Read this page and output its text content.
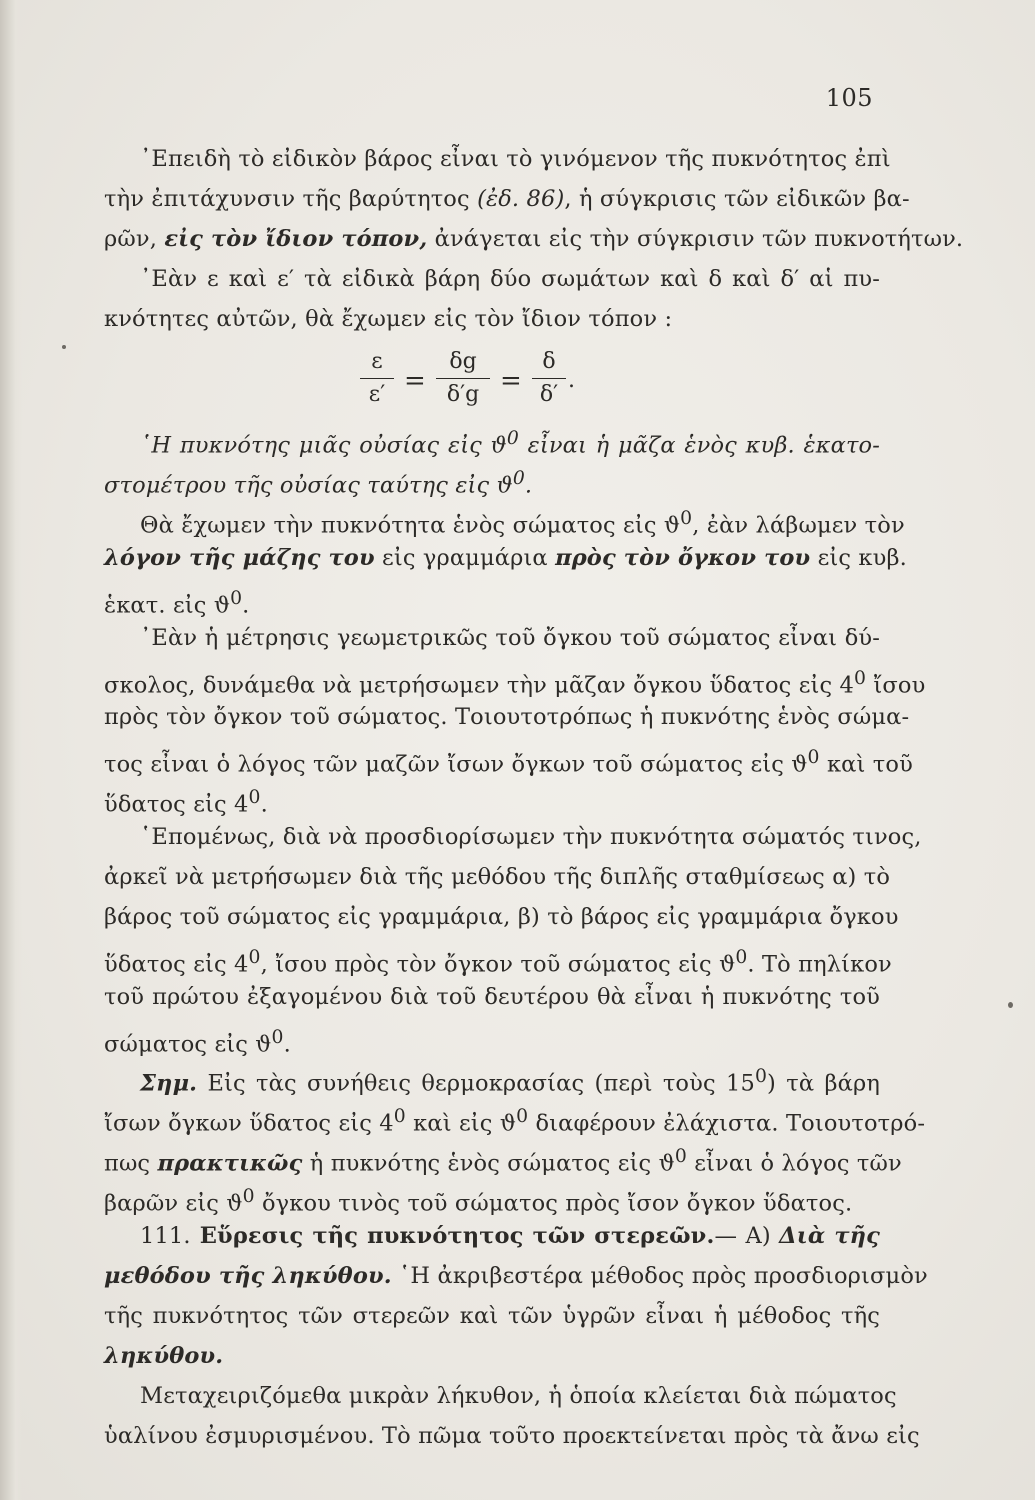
105
᾿Επειδὴ τὸ εἰδικὸν βάρος εἶναι τὸ γινόμενον τῆς πυκνότητος ἐπὶ
τὴν ἐπιτάχυνσιν τῆς βαρύτητος (ἐδ. 86), ἡ σύγκρισις τῶν εἰδικῶν βα-
ρῶν, εἰς τὸν ἴδιον τόπον, ἀνάγεται εἰς τὴν σύγκρισιν τῶν πυκνοτήτων.
᾿Εὰν ε καὶ ε′ τὰ εἰδικὰ βάρη δύο σωμάτων καὶ δ καὶ δ′ αἱ πυ-
κνότητες αὐτῶν, θὰ ἔχωμεν εἰς τὸν ἴδιον τόπον :
῾Η πυκνότης μιᾶς οὐσίας εἰς $ϑ^0$ εἶναι ἡ μᾶζα ἑνὸς κυβ. ἑκατο-
στομέτρου τῆς οὐσίας ταύτης εἰς $ϑ^0$.
Θὰ ἔχωμεν τὴν πυκνότητα ἑνὸς σώματος εἰς $ϑ^0$, ἐὰν λάβωμεν τὸν
λόγον τῆς μάζης του εἰς γραμμάρια πρὸς τὸν ὄγκον του εἰς κυβ.
ἑκατ. εἰς $ϑ^0$.
᾿Εὰν ἡ μέτρησις γεωμετρικῶς τοῦ ὄγκου τοῦ σώματος εἶναι δύ-
σκολος, δυνάμεθα νὰ μετρήσωμεν τὴν μᾶζαν ὄγκου ὕδατος εἰς $4^0$ ἴσου
πρὸς τὸν ὄγκον τοῦ σώματος. Τοιουτοτρόπως ἡ πυκνότης ἑνὸς σώμα-
τος εἶναι ὁ λόγος τῶν μαζῶν ἴσων ὄγκων τοῦ σώματος εἰς $ϑ^0$ καὶ τοῦ
ὕδατος εἰς $4^0$.
῾Επομένως, διὰ νὰ προσδιορίσωμεν τὴν πυκνότητα σώματός τινος,
ἀρκεῖ νὰ μετρήσωμεν διὰ τῆς μεθόδου τῆς διπλῆς σταθμίσεως α) τὸ
βάρος τοῦ σώματος εἰς γραμμάρια, β) τὸ βάρος εἰς γραμμάρια ὄγκου
ὕδατος εἰς $4^0$, ἴσου πρὸς τὸν ὄγκον τοῦ σώματος εἰς $ϑ^0$. Τὸ πηλίκον
τοῦ πρώτου ἐξαγομένου διὰ τοῦ δευτέρου θὰ εἶναι ἡ πυκνότης τοῦ
σώματος εἰς $ϑ^0$.
Σημ. Εἰς τὰς συνήθεις θερμοκρασίας (περὶ τοὺς $15^0$) τὰ βάρη
ἴσων ὄγκων ὕδατος εἰς $4^0$ καὶ εἰς $ϑ^0$ διαφέρουν ἐλάχιστα. Τοιουτοτρό-
πως πρακτικῶς ἡ πυκνότης ἑνὸς σώματος εἰς $ϑ^0$ εἶναι ὁ λόγος τῶν
βαρῶν εἰς $ϑ^0$ ὄγκου τινὸς τοῦ σώματος πρὸς ἴσον ὄγκον ὕδατος.
111. Εὕρεσις τῆς πυκνότητος τῶν στερεῶν.— Α) Διὰ τῆς
μεθόδου τῆς ληκύθου. ῾Η ἀκριβεστέρα μέθοδος πρὸς προσδιορισμὸν
τῆς πυκνότητος τῶν στερεῶν καὶ τῶν ὑγρῶν εἶναι ἡ μέθοδος τῆς
ληκύθου.
Μεταχειριζόμεθα μικρὰν λήκυθον, ἡ ὁποία κλείεται διὰ πώματος
ὑαλίνου ἐσμυρισμένου. Τὸ πῶμα τοῦτο προεκτείνεται πρὸς τὰ ἄνω εἰς
ε
ε′ =
δg
δ′g =
δ
δ′
.
